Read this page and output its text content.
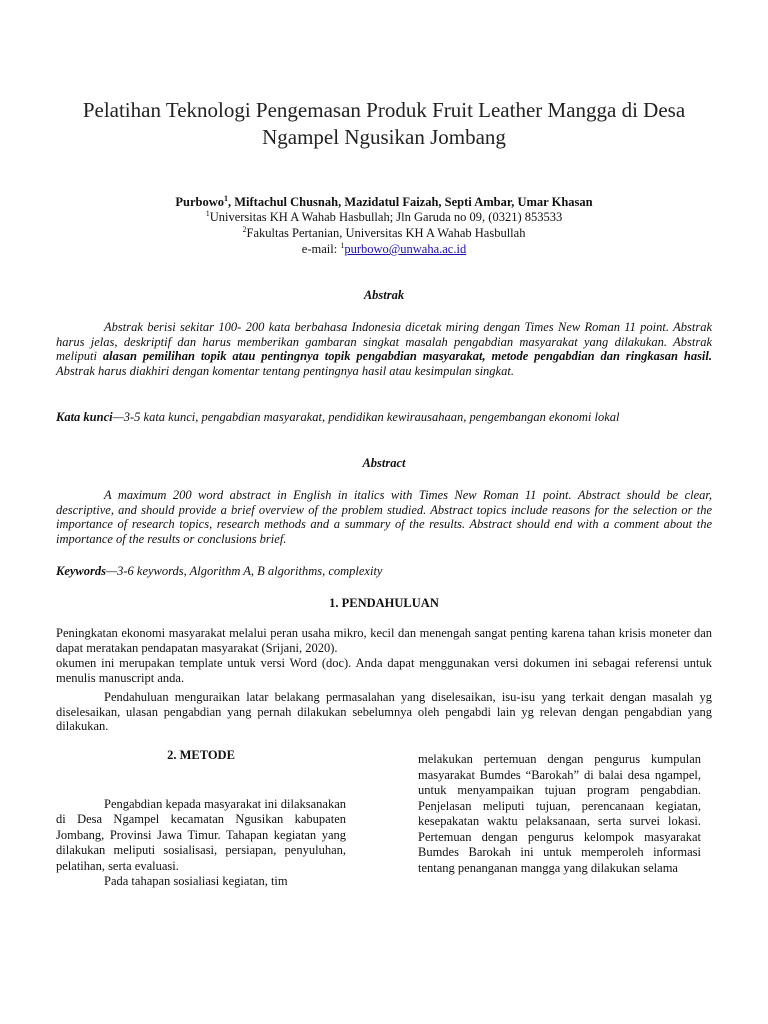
Pelatihan Teknologi Pengemasan Produk Fruit Leather Mangga di Desa Ngampel Ngusikan Jombang
Purbowo$^1$, Miftachul Chusnah, Mazidatul Faizah, Septi Ambar, Umar Khasan
$^1$Universitas KH A Wahab Hasbullah; Jln Garuda no 09, (0321) 853533
$^2$Fakultas Pertanian, Universitas KH A Wahab Hasbullah
e-mail: $^1$purbowo@unwaha.ac.id
Abstrak

Abstrak berisi sekitar 100- 200 kata berbahasa Indonesia dicetak miring dengan Times New Roman 11 point. Abstrak harus jelas, deskriptif dan harus memberikan gambaran singkat masalah pengabdian masyarakat yang dilakukan. Abstrak meliputi alasan pemilihan topik atau pentingnya topik pengabdian masyarakat, metode pengabdian dan ringkasan hasil. Abstrak harus diakhiri dengan komentar tentang pentingnya hasil atau kesimpulan singkat.

Kata kunci—3-5 kata kunci, pengabdian masyarakat, pendidikan kewirausahaan, pengembangan ekonomi lokal

Abstract

A maximum 200 word abstract in English in italics with Times New Roman 11 point. Abstract should be clear, descriptive, and should provide a brief overview of the problem studied. Abstract topics include reasons for the selection or the importance of research topics, research methods and a summary of the results. Abstract should end with a comment about the importance of the results or conclusions brief.

Keywords—3-6 keywords, Algorithm A, B algorithms, complexity

1. PENDAHULUAN

Peningkatan ekonomi masyarakat melalui peran usaha mikro, kecil dan menengah sangat penting karena tahan krisis moneter dan dapat meratakan pendapatan masyarakat (Srijani, 2020).

okumen ini merupakan template untuk versi Word (doc). Anda dapat menggunakan versi dokumen ini sebagai referensi untuk menulis manuscript anda.

Pendahuluan menguraikan latar belakang permasalahan yang diselesaikan, isu-isu yang terkait dengan masalah yg diselesaikan, ulasan pengabdian yang pernah dilakukan sebelumnya oleh pengabdi lain yg relevan dengan pengabdian yang dilakukan.

2. METODE

Pengabdian kepada masyarakat ini dilaksanakan di Desa Ngampel kecamatan Ngusikan kabupaten Jombang, Provinsi Jawa Timur. Tahapan kegiatan yang dilakukan meliputi sosialisasi, persiapan, penyuluhan, pelatihan, serta evaluasi.

Pada tahapan sosialiasi kegiatan, tim

melakukan pertemuan dengan pengurus kumpulan masyarakat Bumdes “Barokah” di balai desa ngampel, untuk menyampaikan tujuan program pengabdian. Penjelasan meliputi tujuan, perencanaan kegiatan, kesepakatan waktu pelaksanaan, serta survei lokasi. Pertemuan dengan pengurus kelompok masyarakat Bumdes Barokah ini untuk memperoleh informasi tentang penanganan mangga yang dilakukan selama
